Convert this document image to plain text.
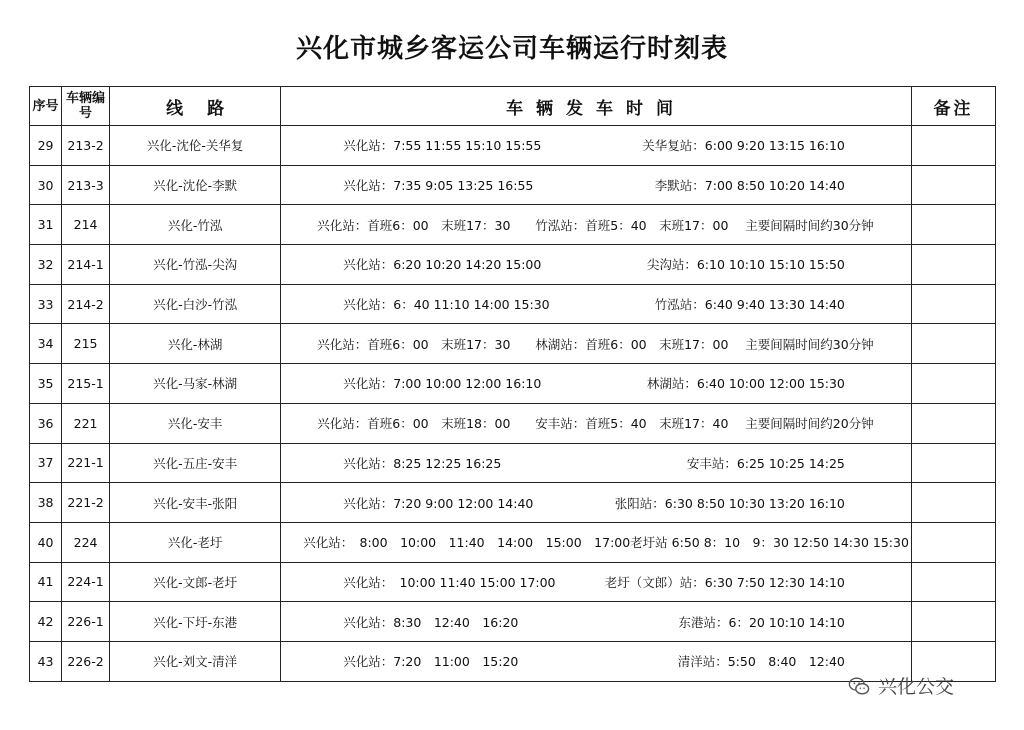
兴化市城乡客运公司车辆运行时刻表
序号	车辆编号	线路	车辆发车时间	备注
29	213-2	兴化-沈伦-关华复	兴化站：7:55 11:55 15:10 15:55 关华复站：6:00 9:20 13:15 16:10	

30	213-3	兴化-沈伦-李默	兴化站：7:35 9:05 13:25 16:55 李默站：7:00 8:50 10:20 14:40	

31	214	兴化-竹泓	兴化站：首班6：00　末班17：30 竹泓站：首班5：40　末班17：00 主要间隔时间约30分钟	

32	214-1	兴化-竹泓-尖沟	兴化站：6:20 10:20 14:20 15:00 尖沟站：6:10 10:10 15:10 15:50	

33	214-2	兴化-白沙-竹泓	兴化站：6：40 11:10 14:00 15:30 竹泓站：6:40 9:40 13:30 14:40	

34	215	兴化-林湖	兴化站：首班6：00　末班17：30 林湖站：首班6：00　末班17：00 主要间隔时间约30分钟	

35	215-1	兴化-马家-林湖	兴化站：7:00 10:00 12:00 16:10 林湖站：6:40 10:00 12:00 15:30	

36	221	兴化-安丰	兴化站：首班6：00　末班18：00 安丰站：首班5：40　末班17：40 主要间隔时间约20分钟	

37	221-1	兴化-五庄-安丰	兴化站：8:25 12:25 16:25 安丰站：6:25 10:25 14:25	

38	221-2	兴化-安丰-张阳	兴化站：7:20 9:00 12:00 14:40 张阳站：6:30 8:50 10:30 13:20 16:10	

40	224	兴化-老圩	兴化站：　8:00　10:00　11:40　14:00　15:00　17:00老圩站 6:50 8：10　9：30 12:50 14:30 15:30	

41	224-1	兴化-文郎-老圩	兴化站：　10:00 11:40 15:00 17:00 老圩（文郎）站：6:30 7:50 12:30 14:10	

42	226-1	兴化-下圩-东港	兴化站：8:30　12:40　16:20 东港站：6：20 10:10 14:10	

43	226-2	兴化-刘文-清洋	兴化站：7:20　11:00　15:20 清洋站：5:50　8:40　12:40	

兴化公交
